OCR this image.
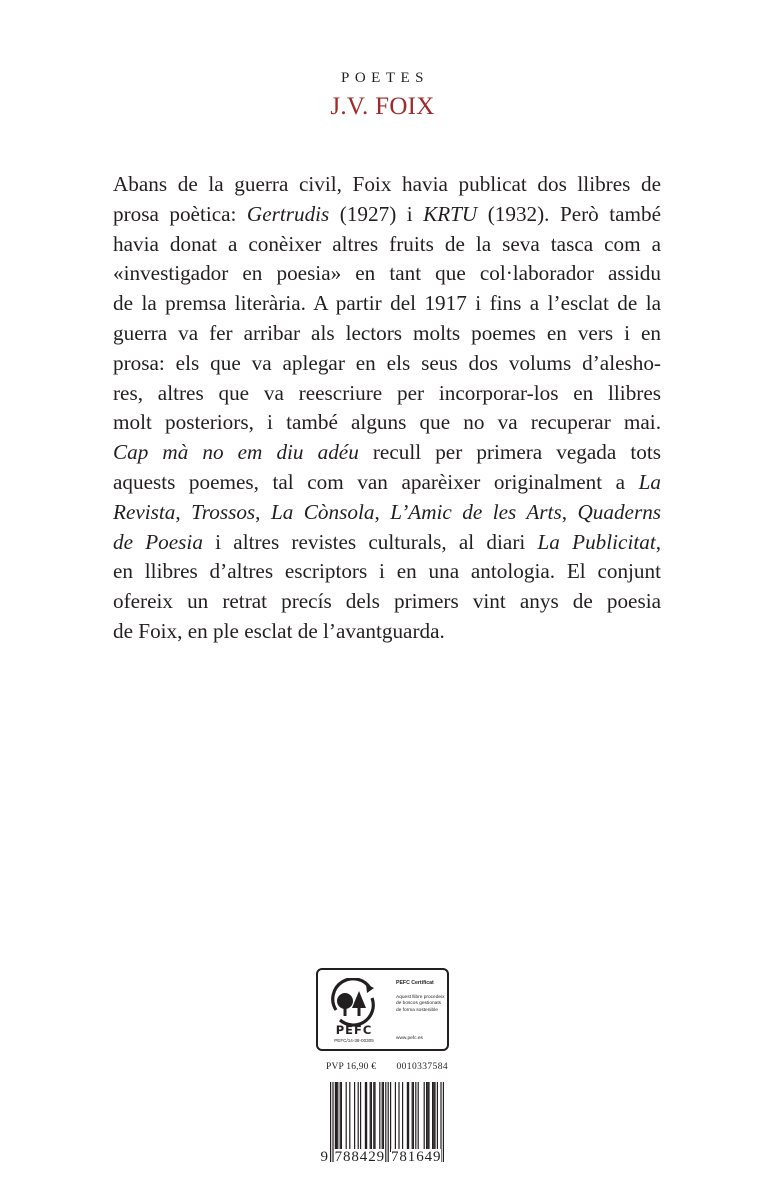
POETES
J.V. FOIX
Abans de la guerra civil, Foix havia publicat dos llibres de
prosa poètica: Gertrudis (1927) i KRTU (1932). Però també
havia donat a conèixer altres fruits de la seva tasca com a
«investigador en poesia» en tant que col·laborador assidu
de la premsa literària. A partir del 1917 i fins a l’esclat de la
guerra va fer arribar als lectors molts poemes en vers i en
prosa: els que va aplegar en els seus dos volums d’alesho-
res, altres que va reescriure per incorporar-los en llibres
molt posteriors, i també alguns que no va recuperar mai.
Cap mà no em diu adéu recull per primera vegada tots
aquests poemes, tal com van aparèixer originalment a La
Revista, Trossos, La Cònsola, L’Amic de les Arts, Quaderns
de Poesia i altres revistes culturals, al diari La Publicitat,
en llibres d’altres escriptors i en una antologia. El conjunt
ofereix un retrat precís dels primers vint anys de poesia
de Foix, en ple esclat de l’avantguarda.
PEFC
PEFC/14-38-00305
PEFC Certificat
Aquest llibre procedeix de boscos gestionats de forma sostenible
www.pefc.es
PVP 16,90 € 0010337584
9 7 8 8 4 2 9 7 8 1 6 4 9
